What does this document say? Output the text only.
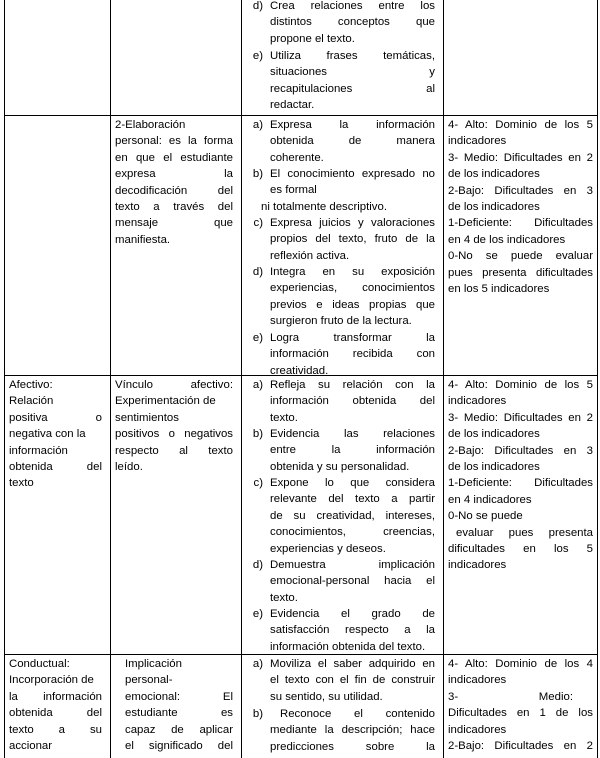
d) Crea relaciones entre los
distintos conceptos que
propone el texto.
e) Utiliza frases temáticas,
situaciones y
recapitulaciones al
redactar.
2-Elaboración
personal: es la forma
en que el estudiante
expresa la
decodificación del
texto a través del
mensaje que
manifiesta.
a) Expresa la información
obtenida de manera
coherente.
b) El conocimiento expresado no
es formal
ni totalmente descriptivo.
c) Expresa juicios y valoraciones
propios del texto, fruto de la
reflexión activa.
d) Integra en su exposición
experiencias, conocimientos
previos e ideas propias que
surgieron fruto de la lectura.
e) Logra transformar la
información recibida con
creatividad.
4- Alto: Dominio de los 5
indicadores
3- Medio: Dificultades en 2
de los indicadores
2-Bajo: Dificultades en 3
de los indicadores
1-Deficiente: Dificultades
en 4 de los indicadores
0-No se puede evaluar
pues presenta dificultades
en los 5 indicadores
Afectivo:
Relación
positiva o
negativa con la
información
obtenida del
texto
Vínculo afectivo:
Experimentación de
sentimientos
positivos o negativos
respecto al texto
leído.
a) Refleja su relación con la
información obtenida del
texto.
b) Evidencia las relaciones
entre la información
obtenida y su personalidad.
c) Expone lo que considera
relevante del texto a partir
de su creatividad, intereses,
conocimientos, creencias,
experiencias y deseos.
d) Demuestra implicación
emocional-personal hacia el
texto.
e) Evidencia el grado de
satisfacción respecto a la
información obtenida del texto.
4- Alto: Dominio de los 5
indicadores
3- Medio: Dificultades en 2
de los indicadores
2-Bajo: Dificultades en 3
de los indicadores
1-Deficiente: Dificultades
en 4 indicadores
0-No se puede
evaluar pues presenta
dificultades en los 5
indicadores
Conductual:
Incorporación de
la información
obtenida del
texto a su
accionar
Implicación
personal-
emocional: El
estudiante es
capaz de aplicar
el significado del
a) Moviliza el saber adquirido en
el texto con el fin de construir
su sentido, su utilidad.
b)	Reconoce el contenido
mediante la descripción; hace
predicciones sobre la
4- Alto: Dominio de los 4
indicadores
3- Medio:
Dificultades en 1 de los
indicadores
2-Bajo: Dificultades en 2
